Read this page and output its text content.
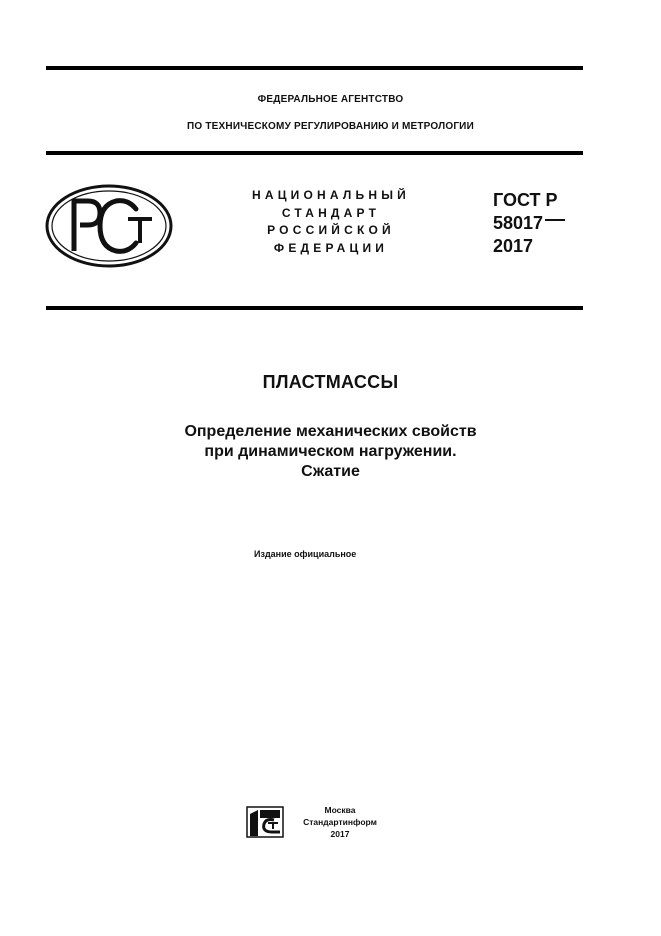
ФЕДЕРАЛЬНОЕ АГЕНТСТВО
ПО ТЕХНИЧЕСКОМУ РЕГУЛИРОВАНИЮ И МЕТРОЛОГИИ
НАЦИОНАЛЬНЫЙ
СТАНДАРТ
РОССИЙСКОЙ
ФЕДЕРАЦИИ
ГОСТ Р
58017
2017
ПЛАСТМАССЫ
Определение механических свойств
при динамическом нагружении.
Сжатие
Издание официальное
Москва
Стандартинформ
2017
